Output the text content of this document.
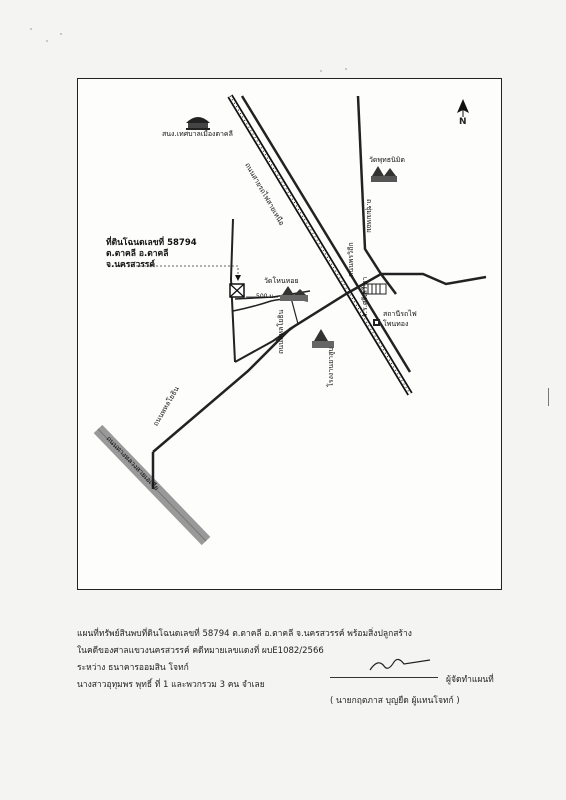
สนง.เทศบาลเมืองตาคลี
ถนนสายรถไฟสายเหนือ
วัดพุทธนิมิต
ถ.ชุ่มมหอม
ที่ดินโฉนดเลขที่ 58794
ต.ตาคลี อ.ตาคลี
จ.นครสวรรค์
วัดโหนหอย
500 ม.
ถนนพรวิถีก
ร.ร.ศรีเสรีฑา สถานีรถไฟ
โพนทอง
ถนนพหลโยธิน
โรงงานยาสูบ
ถนนพหลโยธิน
ถนนทางหลวงสายเอเชีย
N
แผนที่ทรัพย์สินพบที่ดินโฉนดเลขที่ 58794 ต.ตาคลี อ.ตาคลี จ.นครสวรรค์ พร้อมสิ่งปลูกสร้าง
ในคดีของศาลแขวงนครสวรรค์ คดีหมายเลขแดงที่ ผบE1082/2566
ระหว่าง ธนาคารออมสิน โจทก์
นางสาวอุทุมพร พุทธิ์ ที่ 1 และพวกรวม 3 คน จำเลย	ผู้จัดทำแผนที่
( นายกฤตภาส บุญยืด ผู้แทนโจทก์ )
